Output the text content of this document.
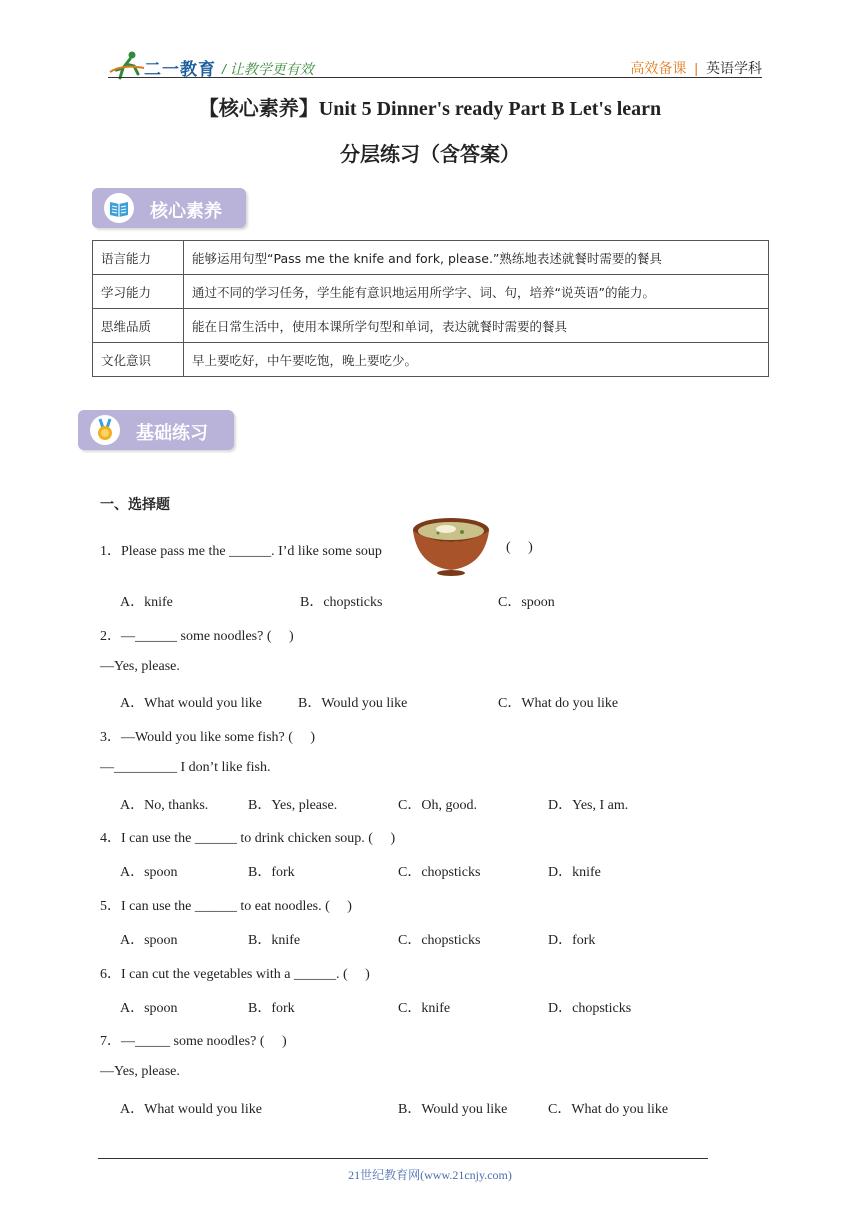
二一教育 / 让教学更有效	高效备课 | 英语学科
【核心素养】Unit 5 Dinner's ready Part B Let's learn
分层练习（含答案）
核心素养
语言能力	能够运用句型“Pass me the knife and fork, please.”熟练地表述就餐时需要的餐具
学习能力	通过不同的学习任务，学生能有意识地运用所学字、词、句，培养“说英语”的能力。
思维品质	能在日常生活中，使用本课所学句型和单词，表达就餐时需要的餐具
文化意识	早上要吃好，中午要吃饱，晚上要吃少。
基础练习
一、选择题
1．Please pass me the ______. I’d like some soup	(     )
A．knife	B．chopsticks	C．spoon
2．—______ some noodles? (     )
—Yes, please.
A．What would you like	B．Would you like	C．What do you like
3．—Would you like some fish? (     )
—_________ I don’t like fish.
A．No, thanks.	B．Yes, please.	C．Oh, good.	D．Yes, I am.
4．I can use the ______ to drink chicken soup. (     )
A．spoon	B．fork	C．chopsticks	D．knife
5．I can use the ______ to eat noodles. (     )
A．spoon	B．knife	C．chopsticks	D．fork
6．I can cut the vegetables with a ______. (     )
A．spoon	B．fork	C．knife	D．chopsticks
7．—_____ some noodles? (     )
—Yes, please.
A．What would you like	B．Would you like	C．What do you like
21世纪教育网(www.21cnjy.com)
